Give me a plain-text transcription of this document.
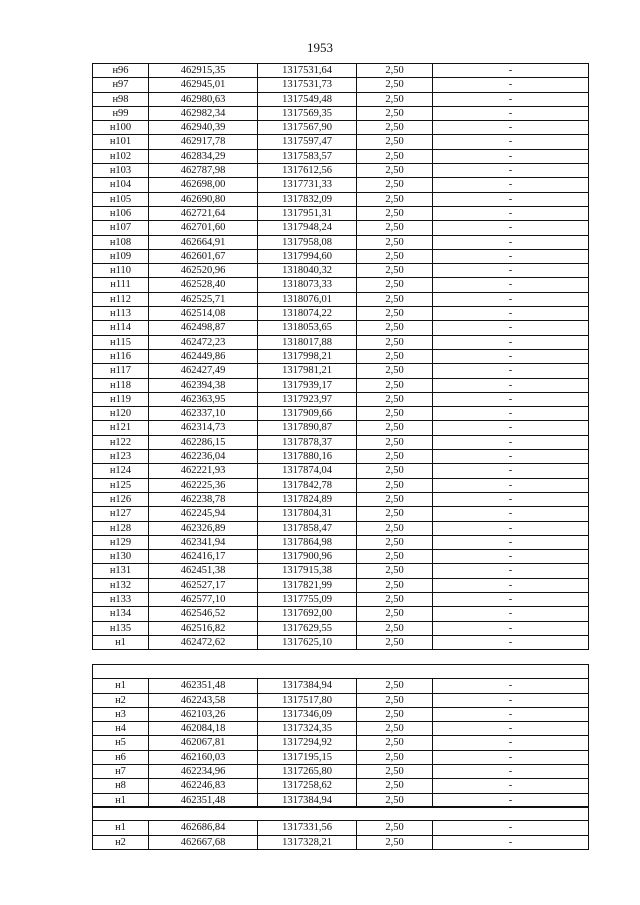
1953
н96	462915,35	1317531,64	2,50	-
н97	462945,01	1317531,73	2,50	-
н98	462980,63	1317549,48	2,50	-
н99	462982,34	1317569,35	2,50	-
н100	462940,39	1317567,90	2,50	-
н101	462917,78	1317597,47	2,50	-
н102	462834,29	1317583,57	2,50	-
н103	462787,98	1317612,56	2,50	-
н104	462698,00	1317731,33	2,50	-
н105	462690,80	1317832,09	2,50	-
н106	462721,64	1317951,31	2,50	-
н107	462701,60	1317948,24	2,50	-
н108	462664,91	1317958,08	2,50	-
н109	462601,67	1317994,60	2,50	-
н110	462520,96	1318040,32	2,50	-
н111	462528,40	1318073,33	2,50	-
н112	462525,71	1318076,01	2,50	-
н113	462514,08	1318074,22	2,50	-
н114	462498,87	1318053,65	2,50	-
н115	462472,23	1318017,88	2,50	-
н116	462449,86	1317998,21	2,50	-
н117	462427,49	1317981,21	2,50	-
н118	462394,38	1317939,17	2,50	-
н119	462363,95	1317923,97	2,50	-
н120	462337,10	1317909,66	2,50	-
н121	462314,73	1317890,87	2,50	-
н122	462286,15	1317878,37	2,50	-
н123	462236,04	1317880,16	2,50	-
н124	462221,93	1317874,04	2,50	-
н125	462225,36	1317842,78	2,50	-
н126	462238,78	1317824,89	2,50	-
н127	462245,94	1317804,31	2,50	-
н128	462326,89	1317858,47	2,50	-
н129	462341,94	1317864,98	2,50	-
н130	462416,17	1317900,96	2,50	-
н131	462451,38	1317915,38	2,50	-
н132	462527,17	1317821,99	2,50	-
н133	462577,10	1317755,09	2,50	-
н134	462546,52	1317692,00	2,50	-
н135	462516,82	1317629,55	2,50	-
н1	462472,62	1317625,10	2,50	-

н1	462351,48	1317384,94	2,50	-
н2	462243,58	1317517,80	2,50	-
н3	462103,26	1317346,09	2,50	-
н4	462084,18	1317324,35	2,50	-
н5	462067,81	1317294,92	2,50	-
н6	462160,03	1317195,15	2,50	-
н7	462234,96	1317265,80	2,50	-
н8	462246,83	1317258,62	2,50	-
н1	462351,48	1317384,94	2,50	-

н1	462686,84	1317331,56	2,50	-
н2	462667,68	1317328,21	2,50	-
